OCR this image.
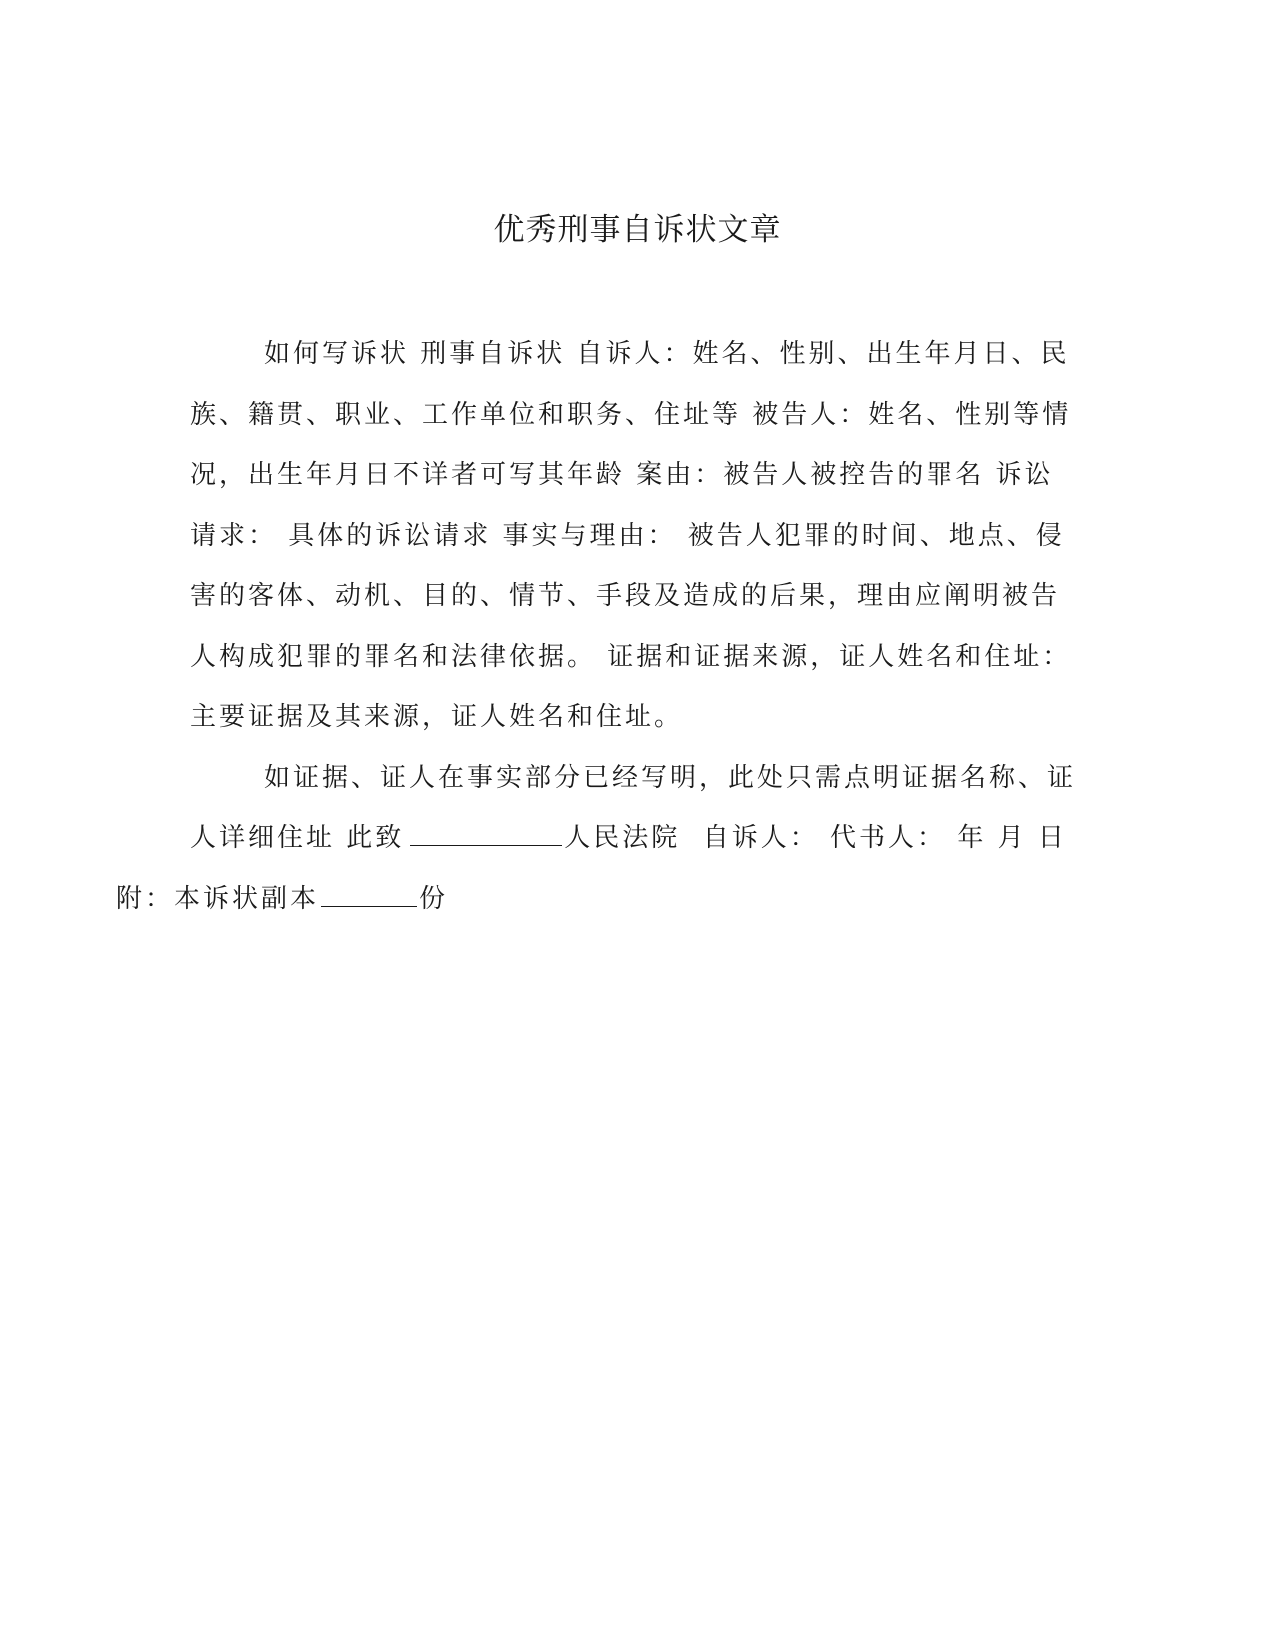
优秀刑事自诉状文章

如何写诉状 刑事自诉状 自诉人：姓名、性别、出生年月日、民族、籍贯、职业、工作单位和职务、住址等 被告人：姓名、性别等情况，出生年月日不详者可写其年龄 案由：被告人被控告的罪名 诉讼请求： 具体的诉讼请求 事实与理由： 被告人犯罪的时间、地点、侵害的客体、动机、目的、情节、手段及造成的后果，理由应阐明被告人构成犯罪的罪名和法律依据。 证据和证据来源，证人姓名和住址： 主要证据及其来源，证人姓名和住址。

如证据、证人在事实部分已经写明，此处只需点明证据名称、证人详细住址 此致	人民法院  自诉人： 代书人： 年 月 日
附：本诉状副本	份
